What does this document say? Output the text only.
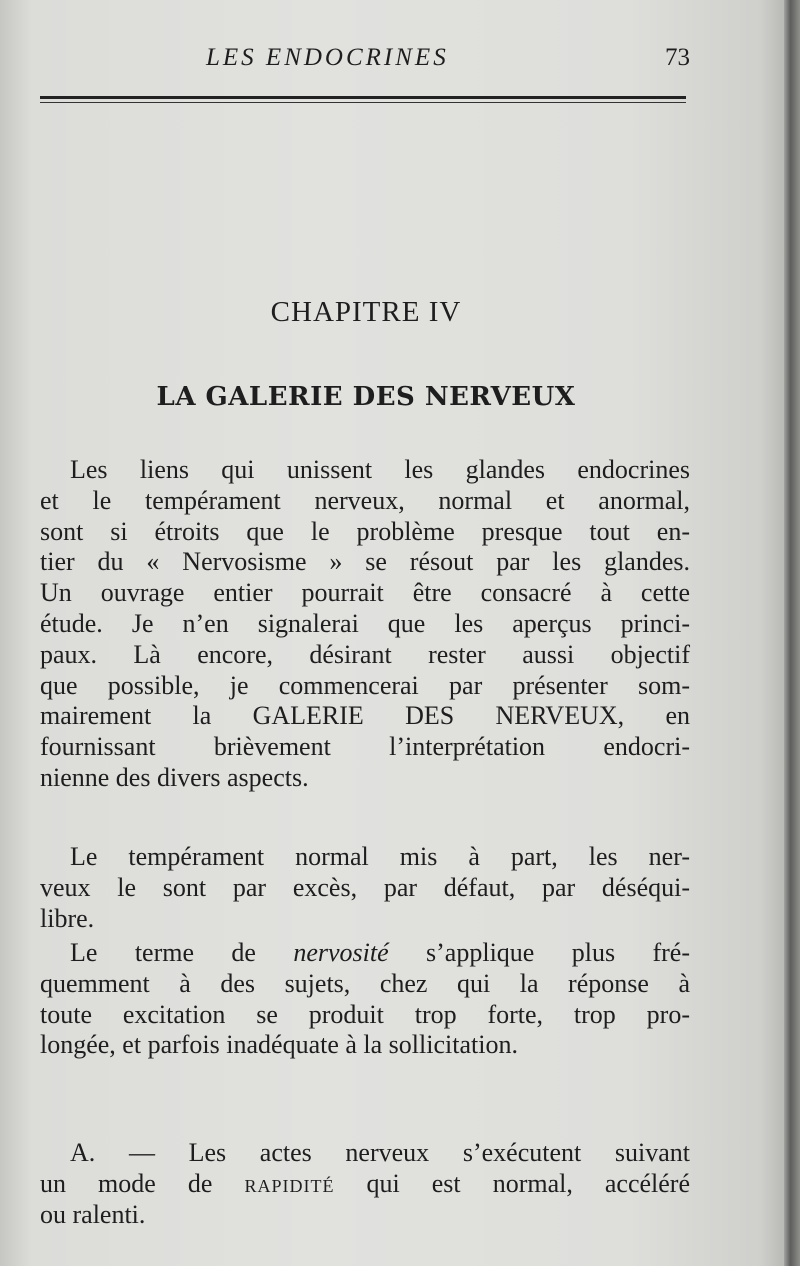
LES ENDOCRINES	73
CHAPITRE IV
LA GALERIE DES NERVEUX

Les liens qui unissent les glandes endocrines
et le tempérament nerveux, normal et anormal,
sont si étroits que le problème presque tout en-
tier du « Nervosisme » se résout par les glandes.
Un ouvrage entier pourrait être consacré à cette
étude. Je n’en signalerai que les aperçus princi-
paux. Là encore, désirant rester aussi objectif
que possible, je commencerai par présenter som-
mairement la GALERIE DES NERVEUX, en
fournissant brièvement l’interprétation endocri-
nienne des divers aspects.

Le tempérament normal mis à part, les ner-
veux le sont par excès, par défaut, par déséqui-
libre.

Le terme de nervosité s’applique plus fré-
quemment à des sujets, chez qui la réponse à
toute excitation se produit trop forte, trop pro-
longée, et parfois inadéquate à la sollicitation.

A. — Les actes nerveux s’exécutent suivant
un mode de rapidité qui est normal, accéléré
ou ralenti.
